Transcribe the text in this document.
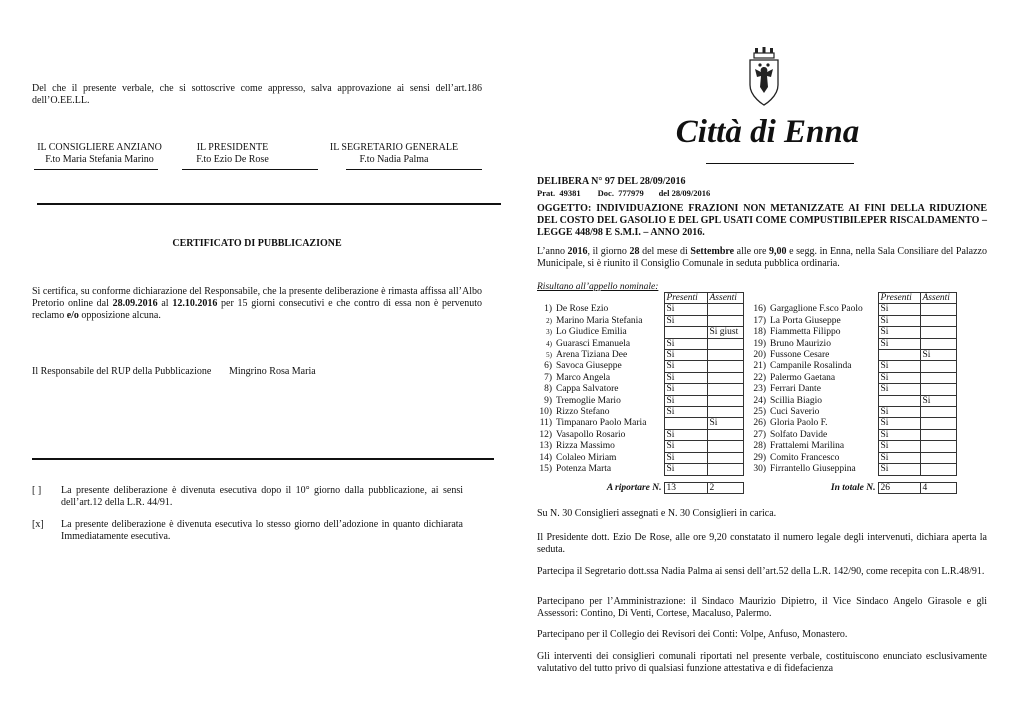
Del che il presente verbale, che si sottoscrive come appresso, salva approvazione ai sensi dell’art.186 dell’O.EE.LL.
IL CONSIGLIERE ANZIANO
F.to Maria Stefania Marino
IL PRESIDENTE
F.to Ezio De Rose
IL SEGRETARIO GENERALE
F.to Nadia Palma
CERTIFICATO DI PUBBLICAZIONE
Si certifica, su conforme dichiarazione del Responsabile, che la presente deliberazione è rimasta affissa all’Albo Pretorio online dal 28.09.2016 al 12.10.2016 per 15 giorni consecutivi e che contro di essa non è pervenuto reclamo e/o opposizione alcuna.
Il Responsabile del RUP della Pubblicazione Mingrino Rosa Maria
[ ] La presente deliberazione è divenuta esecutiva dopo il 10° giorno dalla pubblicazione, ai sensi dell’art.12 della L.R. 44/91.
[x] La presente deliberazione è divenuta esecutiva lo stesso giorno dell’adozione in quanto dichiarata Immediatamente esecutiva.
Città di Enna
DELIBERA N° 97 DEL 28/09/2016
Prat.  49381        Doc.  777979       del 28/09/2016
OGGETTO: INDIVIDUAZIONE FRAZIONI NON METANIZZATE AI FINI DELLA RIDUZIONE DEL COSTO DEL GASOLIO E DEL GPL USATI COME COMPUSTIBILEPER RISCALDAMENTO – LEGGE 448/98 E S.M.I. – ANNO 2016.
L’anno 2016, il giorno 28 del mese di Settembre alle ore 9,00 e segg. in Enna, nella Sala Consiliare del Palazzo Municipale, si è riunito il Consiglio Comunale in seduta pubblica ordinaria.
Risultano all’appello nominale:
		Presenti	Assenti
1)	De Rose Ezio	Si	
2)	Marino Maria Stefania	Si	
3)	Lo Giudice Emilia		Si giust
4)	Guarasci Emanuela	Si	
5)	Arena Tiziana Dee	Si	
6)	Savoca Giuseppe	Si	
7)	Marco Angela	Si	
8)	Cappa Salvatore	Si	
9)	Tremoglie Mario	Si	
10)	Rizzo Stefano	Si	
11)	Timpanaro Paolo Maria		Si
12)	Vasapollo Rosario	Si	
13)	Rizza Massimo	Si	
14)	Colaleo Miriam	Si	
15)	Potenza Marta	Si	

A riportare N.		13	2
		Presenti	Assenti
16)	Gargaglione F.sco Paolo	Si	
17)	La Porta Giuseppe	Si	
18)	Fiammetta Filippo	Si	
19)	Bruno Maurizio	Si	
20)	Fussone Cesare		Si
21)	Campanile Rosalinda	Si	
22)	Palermo Gaetana	Si	
23)	Ferrari Dante	Si	
24)	Scillia Biagio		Si
25)	Cuci Saverio	Si	
26)	Gloria Paolo F.	Si	
27)	Solfato Davide	Si	
28)	Frattalemi Marilina	Si	
29)	Comito Francesco	Si	
30)	Firrantello Giuseppina	Si	

In totale N.		26	4
Su N. 30 Consiglieri assegnati e N. 30 Consiglieri in carica.
Il Presidente dott. Ezio De Rose, alle ore 9,20 constatato il numero legale degli intervenuti, dichiara aperta la seduta.
Partecipa il Segretario dott.ssa Nadia Palma ai sensi dell’art.52 della L.R. 142/90, come recepita con L.R.48/91.
Partecipano per l’Amministrazione: il Sindaco Maurizio Dipietro, il Vice Sindaco Angelo Girasole e gli Assessori: Contino, Di Venti, Cortese, Macaluso, Palermo.
Partecipano per il Collegio dei Revisori dei Conti: Volpe, Anfuso, Monastero.
Gli interventi dei consiglieri comunali riportati nel presente verbale, costituiscono enunciato esclusivamente valutativo del tutto privo di qualsiasi funzione attestativa e di fidefacienza
